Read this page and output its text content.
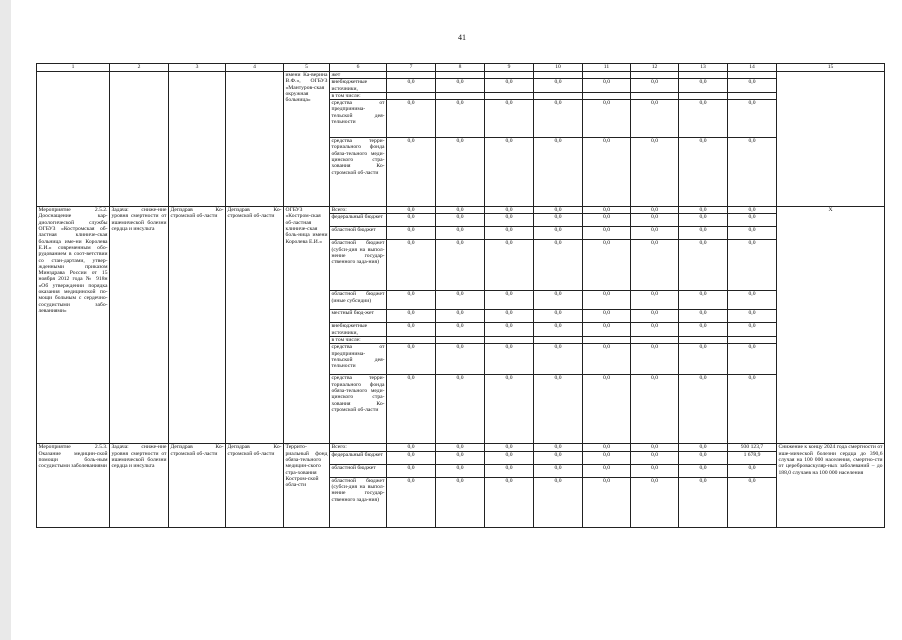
41
1	2	3	4	5	6	7	8	9	10	11	12	13	14	15
				имени Ка-верина В.Ф.», ОГБУЗ «Мантуров-ская окружная больница»	жет									
					внебюджетные источники,	0,0	0,0	0,0	0,0	0,0	0,0	0,0	0,0	
					в том числе:									
					средства от предпринима-тельской дея-тельности	0,0	0,0	0,0	0,0	0,0	0,0	0,0	0,0	
					средства терри-ториального фонда обяза-тельного меди-цинского стра-хования Ко-стромской об-ласти	0,0	0,0	0,0	0,0	0,0	0,0	0,0	0,0	
Мероприятие 2.5.2. Дооснащение кар-диологической службы ОГБУЗ «Костромская об-ластная клиниче-ская больница име-ни Королева Е.И.» современным обо-рудованием в соот-ветствии со стан-дартами, утвер-жденными приказом Минздрава России от 15 ноября 2012 года № 918н «Об утверждении порядка оказания медицинской по-мощи больным с сердечно-сосудистыми забо-леваниями»	Задача: сниже-ние уровня смертности от ишемической болезни сердца и инсульта	Депздрав Ко-стромской об-ласти	Депздрав Ко-стромской об-ласти	ОГБУЗ «Костром-ская об-ластная клиниче-ская боль-ница имени Королева Е.И.»	Всего:	0,0	0,0	0,0	0,0	0,0	0,0	0,0	0,0	Х
					федеральный бюджет	0,0	0,0	0,0	0,0	0,0	0,0	0,0	0,0	
					областной бюджет	0,0	0,0	0,0	0,0	0,0	0,0	0,0	0,0	
					областной бюджет (субси-дия на выпол-нение государ-ственного зада-ния)	0,0	0,0	0,0	0,0	0,0	0,0	0,0	0,0	
					областной бюджет (иные субсидии)	0,0	0,0	0,0	0,0	0,0	0,0	0,0	0,0	
					местный бюд-жет	0,0	0,0	0,0	0,0	0,0	0,0	0,0	0,0	
					внебюджетные источники,	0,0	0,0	0,0	0,0	0,0	0,0	0,0	0,0	
					в том числе:									
					средства от предпринима-тельской дея-тельности	0,0	0,0	0,0	0,0	0,0	0,0	0,0	0,0	
					средства терри-ториального фонда обяза-тельного меди-цинского стра-хования Ко-стромской об-ласти	0,0	0,0	0,0	0,0	0,0	0,0	0,0	0,0	
Мероприятие 2.5.3. Оказание медицин-ской помощи боль-ным сосудистыми заболеваниями	Задача: сниже-ние уровня смертности от ишемической болезни сердца и инсульта	Депздрав Ко-стромской об-ласти	Депздрав Ко-стромской об-ласти	Террито-риальный фонд обяза-тельного медицин-ского стра-хования Костром-ской обла-сти	Всего:	0,0	0,0	0,0	0,0	0,0	0,0	0,0	930 123,7	Снижение к концу 2024 года смертности от ише-мической болезни сердца до 390,6 случая на 100 000 населения, смертно-сти от цереброваскуляр-ных заболеваний – до 188,0 случаев на 100 000 населения
					федеральный бюджет	0,0	0,0	0,0	0,0	0,0	0,0	0,0	1 678,9	
					областной бюджет	0,0	0,0	0,0	0,0	0,0	0,0	0,0	0,0	
					областной бюджет (субси-дия на выпол-нение государ-ственного зада-ния)	0,0	0,0	0,0	0,0	0,0	0,0	0,0	0,0	
